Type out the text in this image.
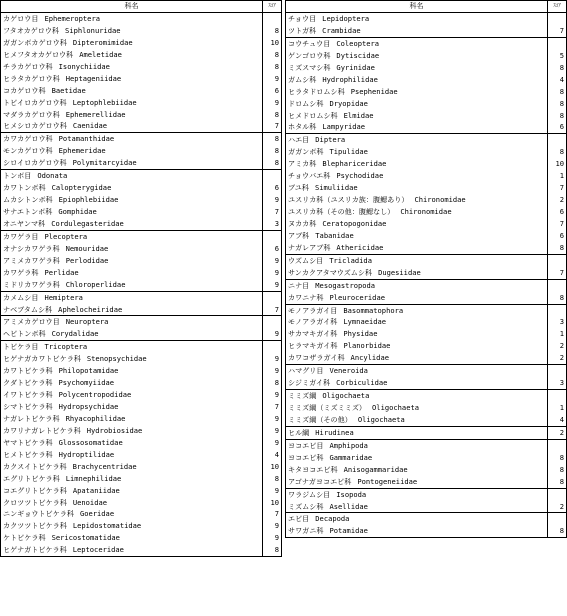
科名	ｽｺｱ
カゲロウ目 Ephemeroptera
フタオカゲロウ科 Siphlonuridae	8
ガガンボカゲロウ科 Dipteromimidae	10
ヒメフタオカゲロウ科 Ameletidae	8
チラカゲロウ科 Isonychiidae	8
ヒラタカゲロウ科 Heptageniidae	9
コカゲロウ科 Baetidae	6
トビイロカゲロウ科 Leptophlebiidae	9
マダラカゲロウ科 Ephemerellidae	8
ヒメシロカゲロウ科 Caenidae	7
カワカゲロウ科 Potamanthidae	8
モンカゲロウ科 Ephemeridae	8
シロイロカゲロウ科 Polymitarcyidae	8
トンボ目 Odonata
カワトンボ科 Calopterygidae	6
ムカシトンボ科 Epiophlebiidae	9
サナエトンボ科 Gomphidae	7
オニヤンマ科 Cordulegasteridae	3
カワゲラ目 Plecoptera
オナシカワゲラ科 Nemouridae	6
アミメカワゲラ科 Perlodidae	9
カワゲラ科 Perlidae	9
ミドリカワゲラ科 Chloroperlidae	9
カメムシ目 Hemiptera
ナベブタムシ科 Aphelocheiridae	7
アミメカゲロウ目 Neuroptera
ヘビトンボ科 Corydalidae	9
トビケラ目 Tricoptera
ヒゲナガカワトビケラ科 Stenopsychidae	9
カワトビケラ科 Philopotamidae	9
クダトビケラ科 Psychomyiidae	8
イワトビケラ科 Polycentropodidae	9
シマトビケラ科 Hydropsychidae	7
ナガレトビケラ科 Rhyacophilidae	9
カワリナガレトビケラ科 Hydrobiosidae	9
ヤマトビケラ科 Glossosomatidae	9
ヒメトビケラ科 Hydroptilidae	4
カクスイトビケラ科 Brachycentridae	10
エグリトビケラ科 Limnephilidae	8
コエグリトビケラ科 Apataniidae	9
クロツツトビケラ科 Uenoidae	10
ニンギョウトビケラ科 Goeridae	7
カクツツトビケラ科 Lepidostomatidae	9
ケトビケラ科 Sericostomatidae	9
ヒゲナガトビケラ科 Leptoceridae	8
科名	ｽｺｱ
チョウ目 Lepidoptera
ツトガ科 Crambidae	7
コウチュウ目 Coleoptera
ゲンゴロウ科 Dytiscidae	5
ミズスマシ科 Gyrinidae	8
ガムシ科 Hydrophilidae	4
ヒラタドロムシ科 Psephenidae	8
ドロムシ科 Dryopidae	8
ヒメドロムシ科 Elmidae	8
ホタル科 Lampyridae	6
ハエ目 Diptera
ガガンボ科 Tipulidae	8
アミカ科 Blephariceridae	10
チョウバエ科 Psychodidae	1
ブユ科 Simuliidae	7
ユスリカ科（ユスリカ族：腹鰓あり） Chironomidae	2
ユスリカ科（その他：腹鰓なし） Chironomidae	6
ヌカカ科 Ceratopogonidae	7
アブ科 Tabanidae	6
ナガレアブ科 Athericidae	8
ウズムシ目 Tricladida
サンカクアタマウズムシ科 Dugesiidae	7
ニナ目 Mesogastropoda
カワニナ科 Pleuroceridae	8
モノアラガイ目 Basommatophora
モノアラガイ科 Lymnaeidae	3
サカマキガイ科 Physidae	1
ヒラマキガイ科 Planorbidae	2
カワコザラガイ科 Ancylidae	2
ハマグリ目 Veneroida
シジミガイ科 Corbiculidae	3
ミミズ綱 Oligochaeta
ミミズ綱（ミズミミズ） Oligochaeta	1
ミミズ綱（その他） Oligochaeta	4
ヒル綱 Hirudinea	2
ヨコエビ目 Amphipoda
ヨコエビ科 Gammaridae	8
キタヨコエビ科 Anisogammaridae	8
アゴナガヨコエビ科 Pontogeneiidae	8
ワラジムシ目 Isopoda
ミズムシ科 Asellidae	2
エビ目 Decapoda
サワガニ科 Potamidae	8
